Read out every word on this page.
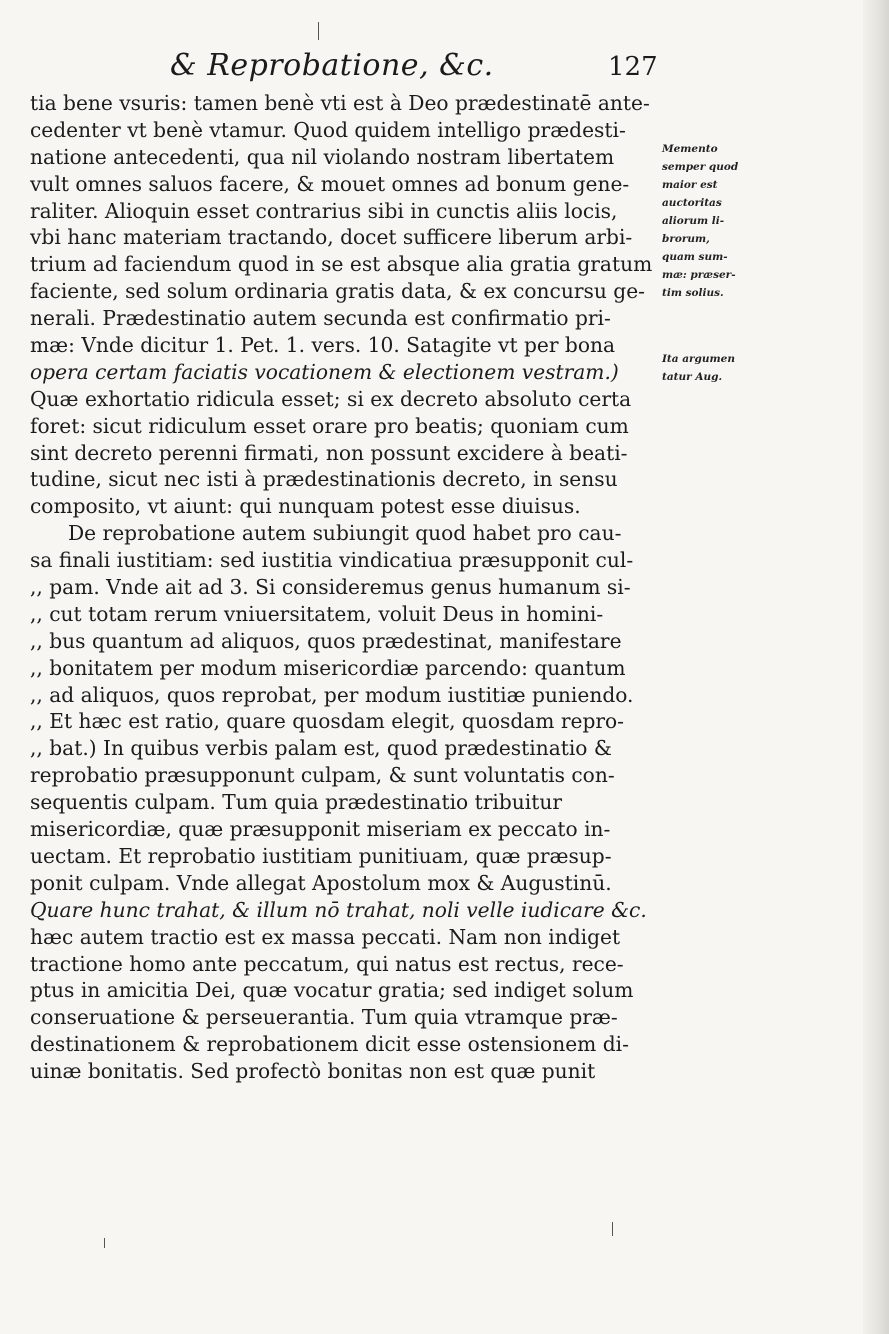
& Reprobatione, &c.	127
tia bene vsuris: tamen benè vti est à Deo prædestinatē ante-
cedenter vt benè vtamur. Quod quidem intelligo prædesti-
natione antecedenti, qua nil violando nostram libertatem
vult omnes saluos facere, & mouet omnes ad bonum gene-
raliter. Alioquin esset contrarius sibi in cunctis aliis locis,
vbi hanc materiam tractando, docet sufficere liberum arbi-
trium ad faciendum quod in se est absque alia gratia gratum
faciente, sed solum ordinaria gratis data, & ex concursu ge-
nerali. Prædestinatio autem secunda est confirmatio pri-
mæ: Vnde dicitur 1. Pet. 1. vers. 10. Satagite vt per bona
opera certam faciatis vocationem & electionem vestram.)
Quæ exhortatio ridicula esset; si ex decreto absoluto certa
foret: sicut ridiculum esset orare pro beatis; quoniam cum
sint decreto perenni firmati, non possunt excidere à beati-
tudine, sicut nec isti à prædestinationis decreto, in sensu
composito, vt aiunt: qui nunquam potest esse diuisus.
De reprobatione autem subiungit quod habet pro cau-
sa finali iustitiam: sed iustitia vindicatiua præsupponit cul-
,, pam. Vnde ait ad 3. Si consideremus genus humanum si-
,, cut totam rerum vniuersitatem, voluit Deus in homini-
,, bus quantum ad aliquos, quos prædestinat, manifestare
,, bonitatem per modum misericordiæ parcendo: quantum
,, ad aliquos, quos reprobat, per modum iustitiæ puniendo.
,, Et hæc est ratio, quare quosdam elegit, quosdam repro-
,, bat.) In quibus verbis palam est, quod prædestinatio &
reprobatio præsupponunt culpam, & sunt voluntatis con-
sequentis culpam. Tum quia prædestinatio tribuitur
misericordiæ, quæ præsupponit miseriam ex peccato in-
uectam. Et reprobatio iustitiam punitiuam, quæ præsup-
ponit culpam. Vnde allegat Apostolum mox & Augustinū.
Quare hunc trahat, & illum nō trahat, noli velle iudicare &c.
hæc autem tractio est ex massa peccati. Nam non indiget
tractione homo ante peccatum, qui natus est rectus, rece-
ptus in amicitia Dei, quæ vocatur gratia; sed indiget solum
conseruatione & perseuerantia. Tum quia vtramque præ-
destinationem & reprobationem dicit esse ostensionem di-
uinæ bonitatis. Sed profectò bonitas non est quæ punit
Memento
semper quod
maior est
auctoritas
aliorum li-
brorum,
quam sum-
mæ: præser-
tim solius.
Ita argumen
tatur Aug.
